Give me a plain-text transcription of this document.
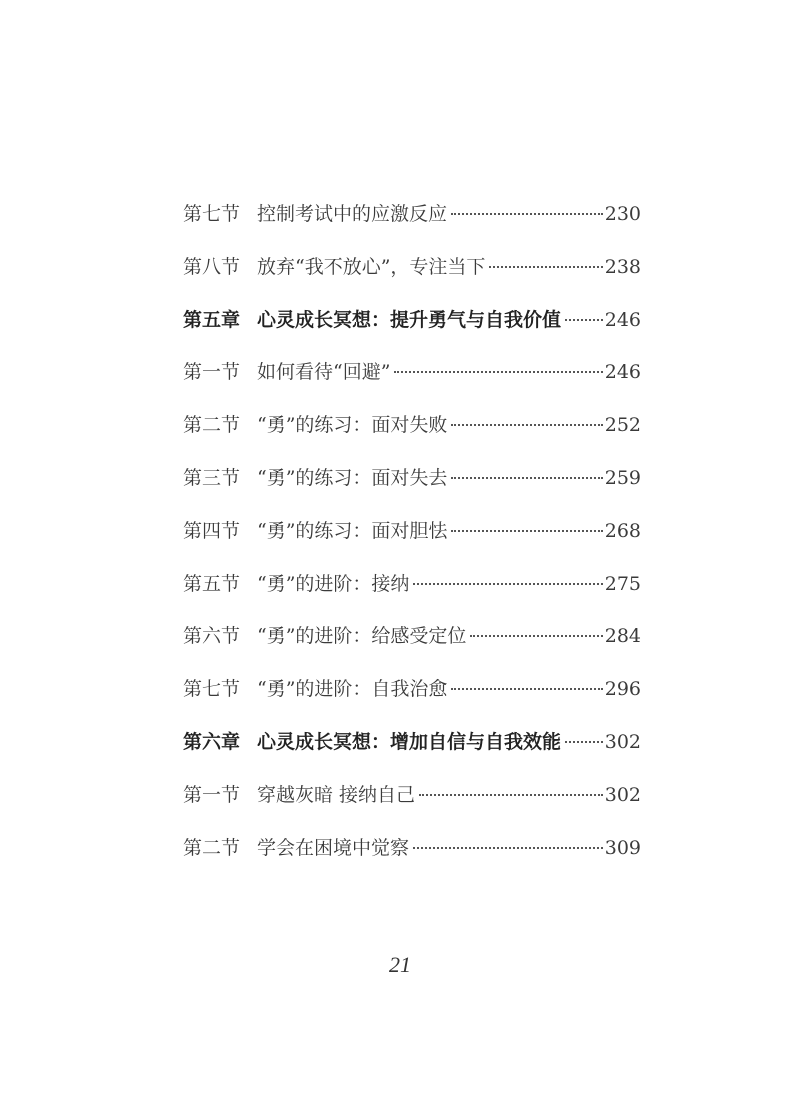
第七节 控制考试中的应激反应	230
第八节 放弃“我不放心”，专注当下	238
第五章 心灵成长冥想：提升勇气与自我价值 246
第一节 如何看待“回避”	246
第二节 “勇”的练习：面对失败	252
第三节 “勇”的练习：面对失去	259
第四节 “勇”的练习：面对胆怯	268
第五节 “勇”的进阶：接纳	275
第六节 “勇”的进阶：给感受定位	284
第七节 “勇”的进阶：自我治愈	296
第六章 心灵成长冥想：增加自信与自我效能 302
第一节 穿越灰暗 接纳自己	302
第二节 学会在困境中觉察	309
21
